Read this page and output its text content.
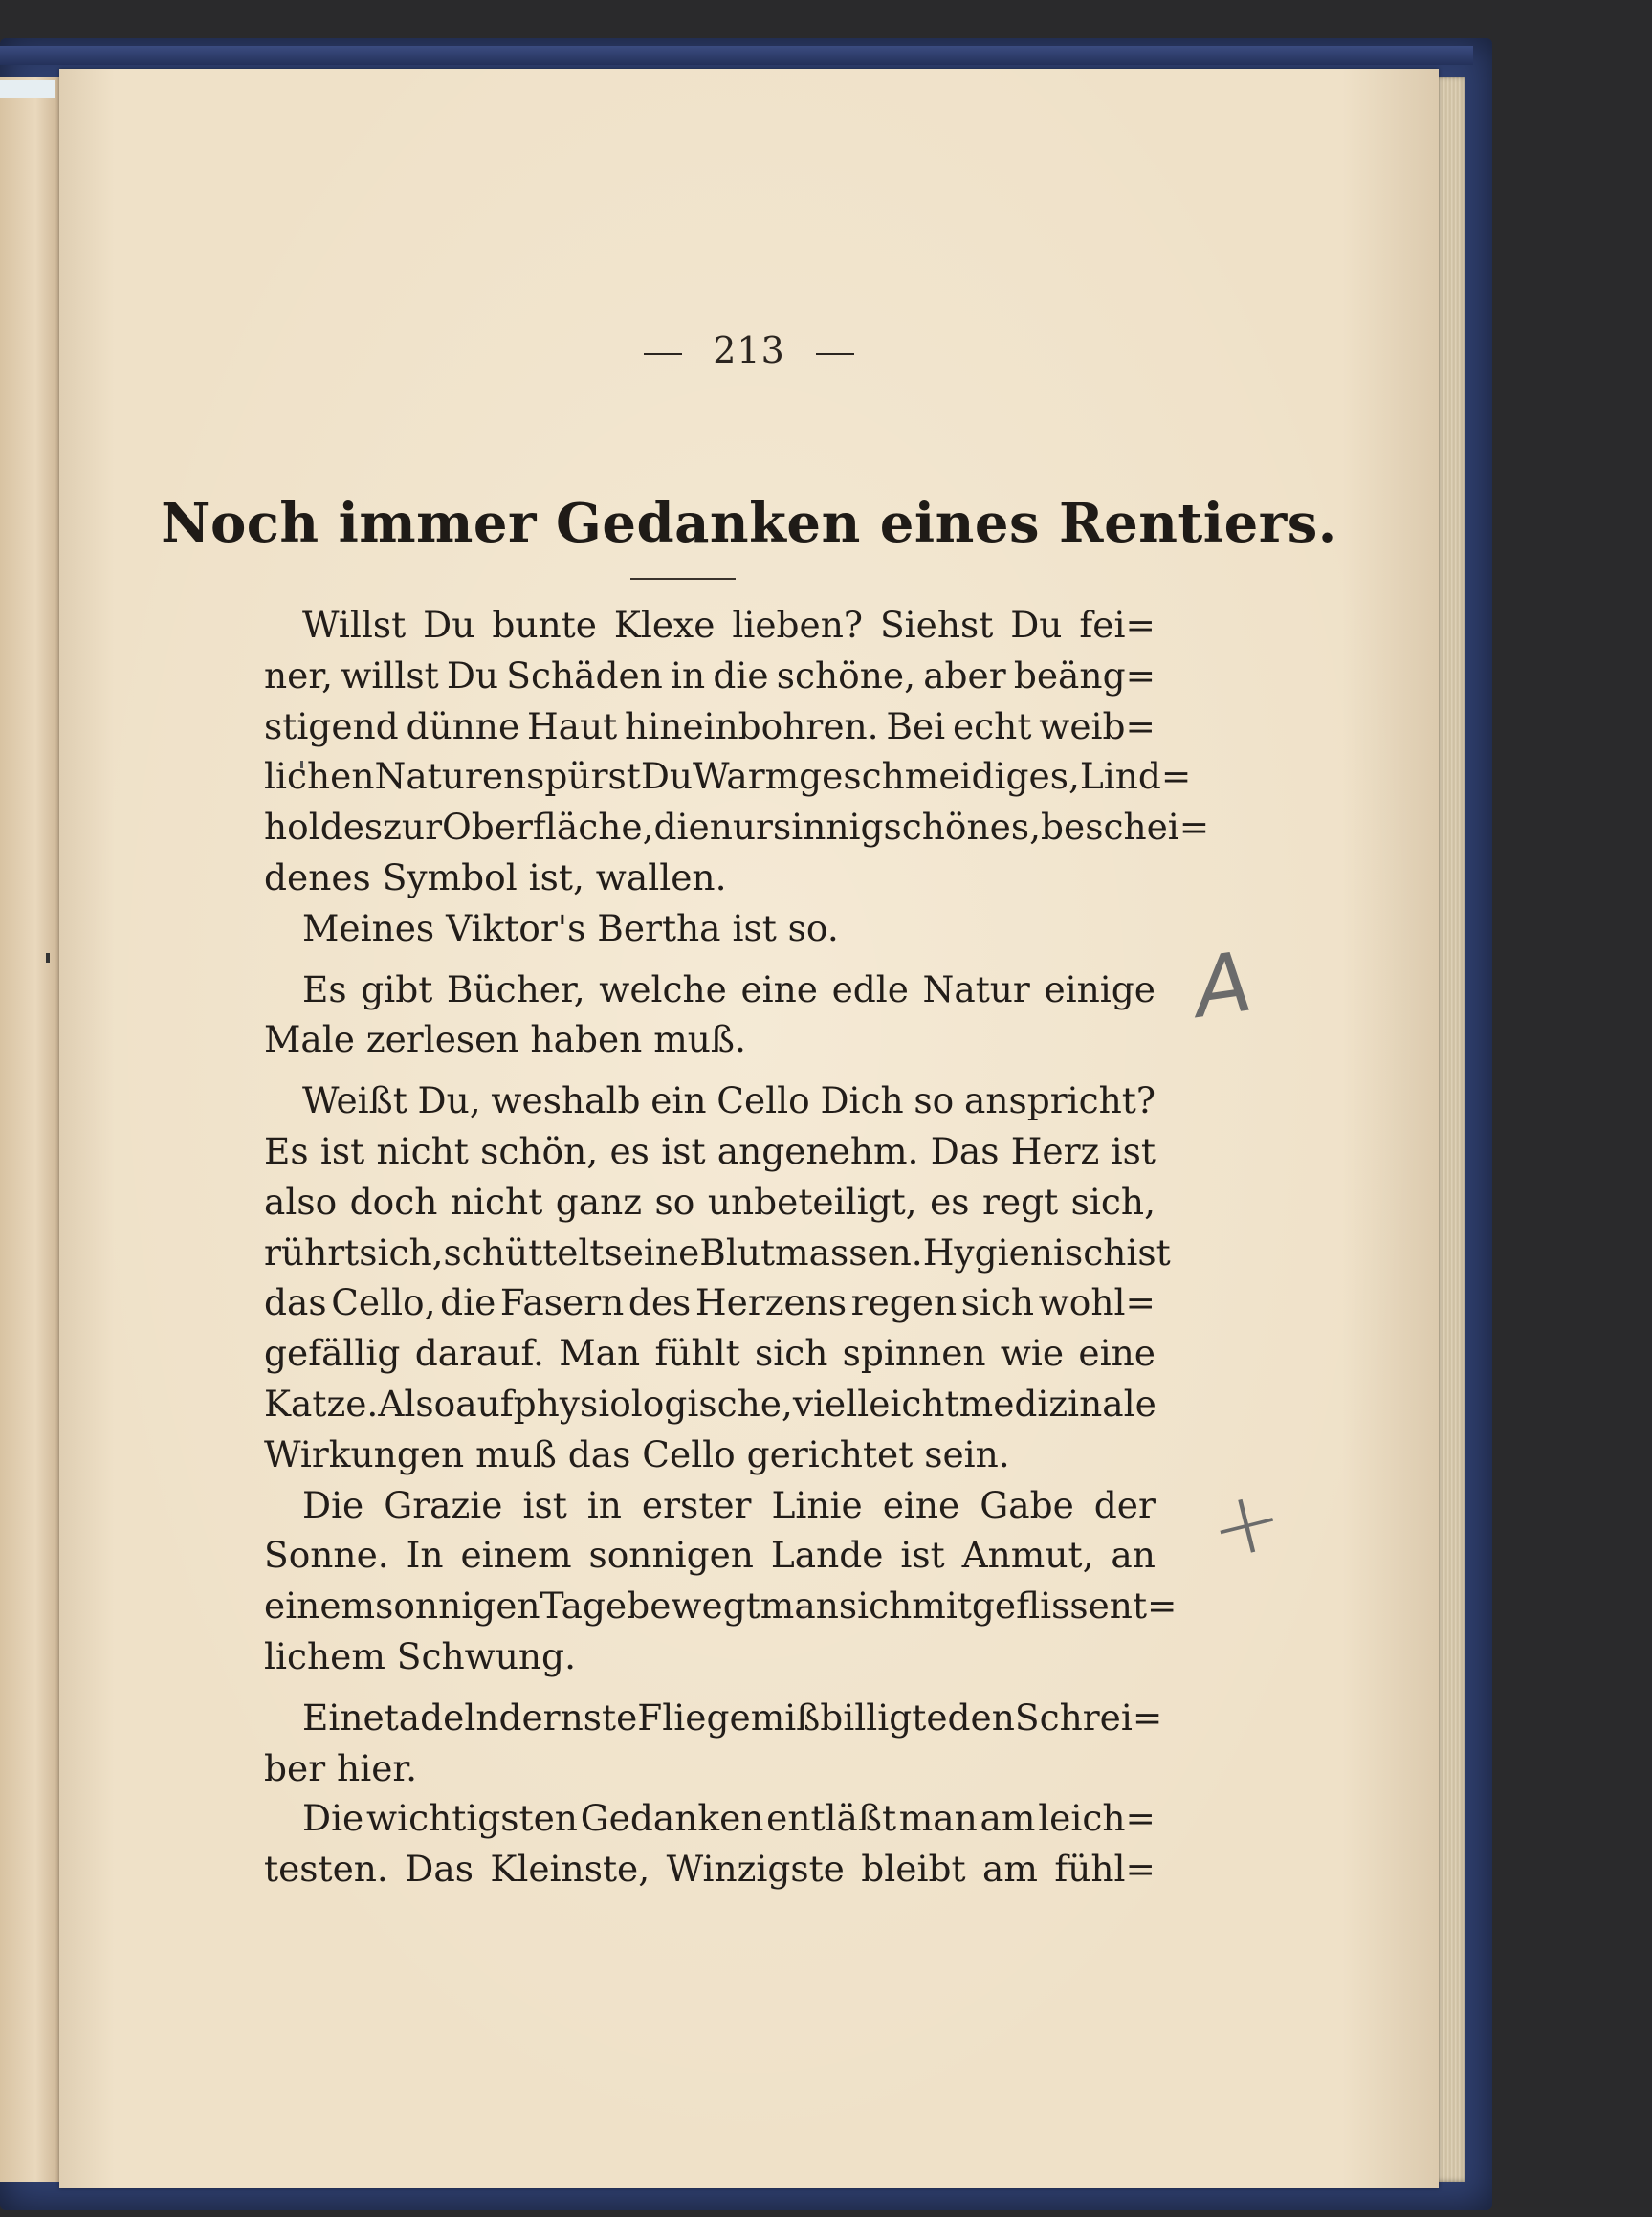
213
Noch immer Gedanken eines Rentiers.
Willst Du bunte Klexe lieben? Siehst Du fei=
ner, willst Du Schäden in die schöne, aber beäng=
stigend dünne Haut hineinbohren. Bei echt weib=
lichen Naturen spürst Du Warmgeschmeidiges, Lind=
holdes zur Oberfläche, die nur sinnigschönes, beschei=
denes Symbol ist, wallen.
Meines Viktor's Bertha ist so.
Es gibt Bücher, welche eine edle Natur einige
Male zerlesen haben muß.
Weißt Du, weshalb ein Cello Dich so anspricht?
Es ist nicht schön, es ist angenehm. Das Herz ist
also doch nicht ganz so unbeteiligt, es regt sich,
rührt sich, schüttelt seine Blutmassen. Hygienisch ist
das Cello, die Fasern des Herzens regen sich wohl=
gefällig darauf. Man fühlt sich spinnen wie eine
Katze. Also auf physiologische, vielleicht medizinale
Wirkungen muß das Cello gerichtet sein.
Die Grazie ist in erster Linie eine Gabe der
Sonne. In einem sonnigen Lande ist Anmut, an
einem sonnigen Tage bewegt man sich mit geflissent=
lichem Schwung.
Eine tadelndernste Fliege mißbilligte den Schrei=
ber hier.
Die wichtigsten Gedanken entläßt man am leich=
testen. Das Kleinste, Winzigste bleibt am fühl=
A
+
